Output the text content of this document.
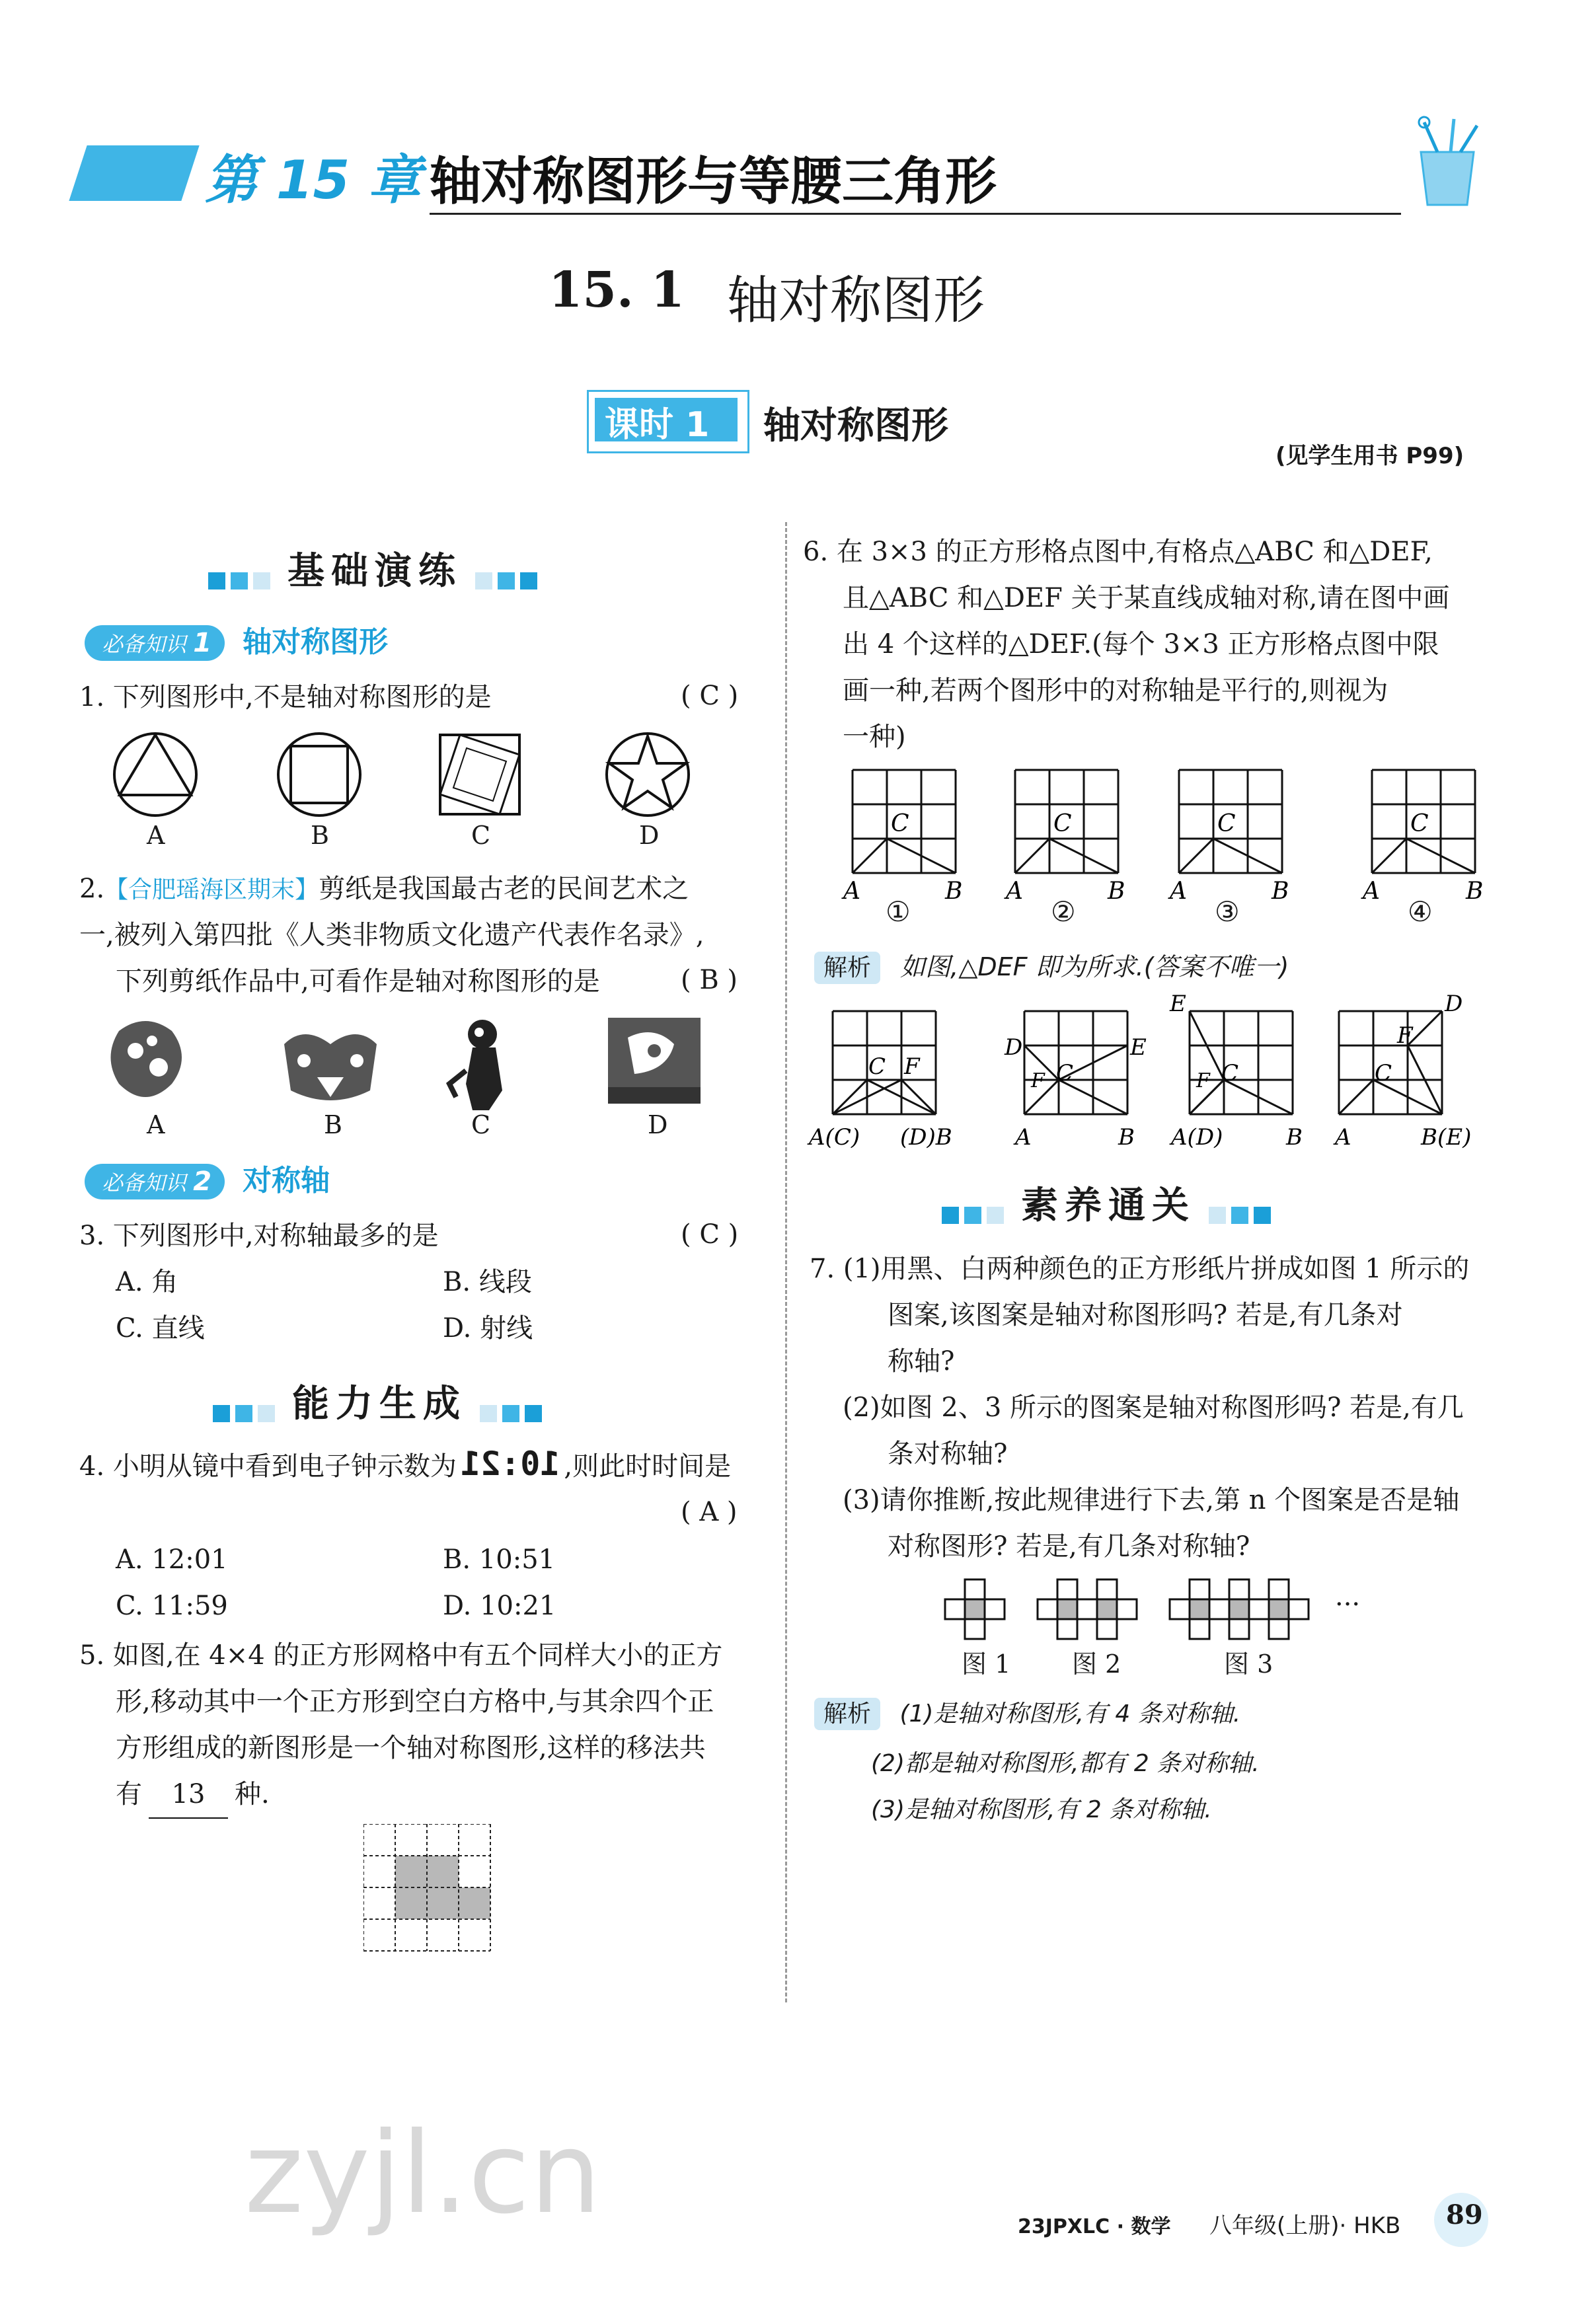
第 15 章 轴对称图形与等腰三角形
15. 1 轴对称图形
课时 1 轴对称图形
(见学生用书 P99)
基础演练
必备知识 1 轴对称图形
1. 下列图形中,不是轴对称图形的是	( C )
A	B	C	D
2.【合肥瑶海区期末】剪纸是我国最古老的民间艺术之
一,被列入第四批《人类非物质文化遗产代表作名录》,
下列剪纸作品中,可看作是轴对称图形的是	( B )
A	B	C	D
必备知识 2 对称轴
3. 下列图形中,对称轴最多的是	( C )
A. 角	B. 线段
C. 直线	D. 射线
能力生成
4. 小明从镜中看到电子钟示数为 10:21 ,则此时时间是
( A )
A. 12:01	B. 10:51
C. 11:59	D. 10:21
5. 如图,在 4×4 的正方形网格中有五个同样大小的正方
形,移动其中一个正方形到空白方格中,与其余四个正
方形组成的新图形是一个轴对称图形,这样的移法共
有 13 种.
6. 在 3×3 的正方形格点图中,有格点△ABC 和△DEF,
且△ABC 和△DEF 关于某直线成轴对称,请在图中画
出 4 个这样的△DEF.(每个 3×3 正方形格点图中限
画一种,若两个图形中的对称轴是平行的,则视为
一种)
C
A	B
C
A	B
C
A	B
C
A	B
①	②	③	④
解析 如图,△DEF 即为所求.(答案不唯一)
C F
A(C) (D)B
D	E
F C
A	B
E
F C
A(D)	B
D
F
C
A	B(E)
素养通关
7. (1)用黑、白两种颜色的正方形纸片拼成如图 1 所示的
图案,该图案是轴对称图形吗? 若是,有几条对
称轴?
(2)如图 2、3 所示的图案是轴对称图形吗? 若是,有几
条对称轴?
(3)请你推断,按此规律进行下去,第 n 个图案是否是轴
对称图形? 若是,有几条对称轴?
···
图 1 图 2	图 3
解析 (1)是轴对称图形,有 4 条对称轴.
(2)都是轴对称图形,都有 2 条对称轴.
(3)是轴对称图形,有 2 条对称轴.
zyjl.cn	23JPXLC · 数学 八年级(上册)· HKB 89
